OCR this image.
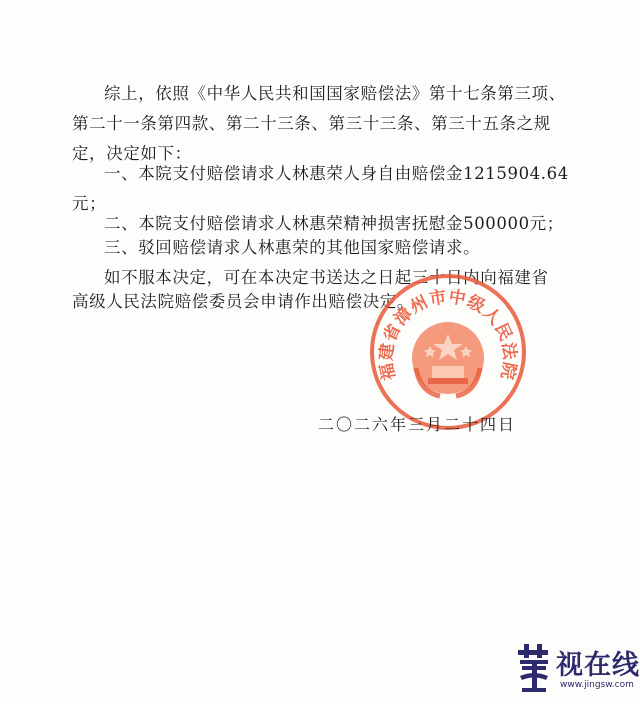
综上，依照《中华人民共和国国家赔偿法》第十七条第三项、
第二十一条第四款、第二十三条、第三十三条、第三十五条之规
定，决定如下：
一、本院支付赔偿请求人林惠荣人身自由赔偿金1215904.64
元；
二、本院支付赔偿请求人林惠荣精神损害抚慰金500000元；
三、驳回赔偿请求人林惠荣的其他国家赔偿请求。
如不服本决定，可在本决定书送达之日起三十日内向福建省
高级人民法院赔偿委员会申请作出赔偿决定。
福建省漳州市中级人民法院
二〇二六年三月二十四日
视在线
www.jingsw.com
